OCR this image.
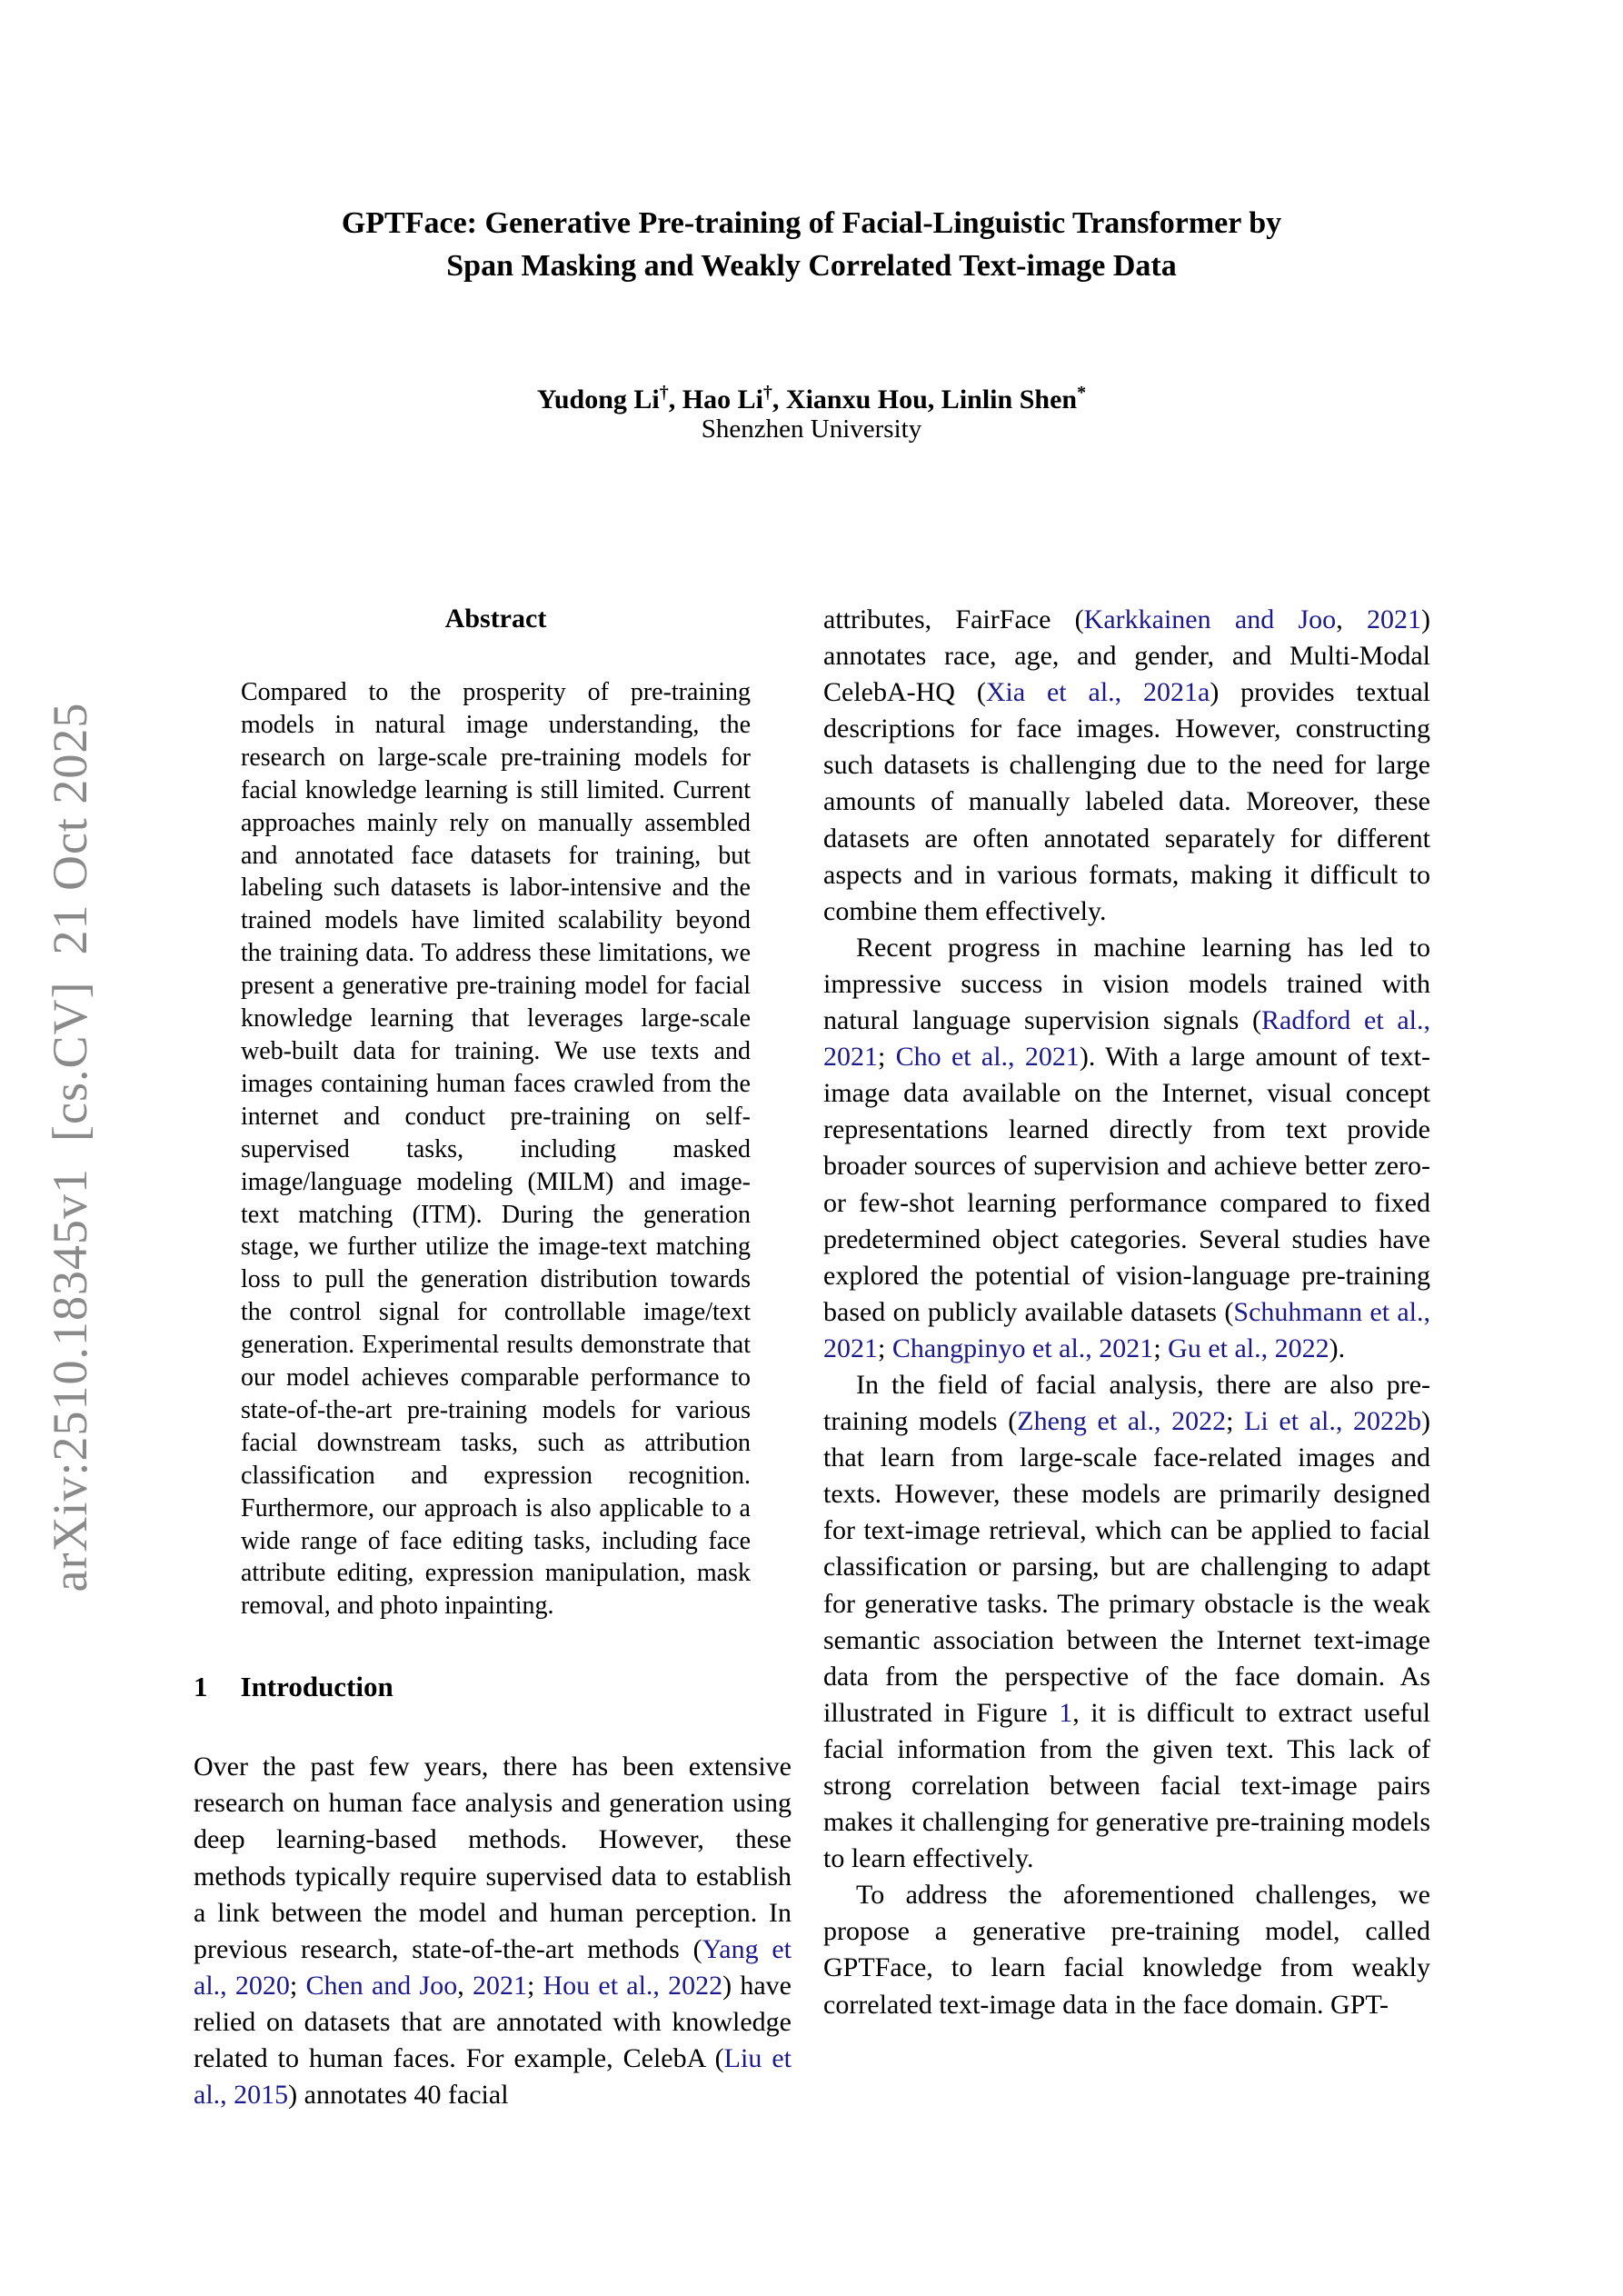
arXiv:2510.18345v1  [cs.CV]  21 Oct 2025
GPTFace: Generative Pre-training of Facial-Linguistic Transformer by
Span Masking and Weakly Correlated Text-image Data
Yudong Li†, Hao Li†, Xianxu Hou, Linlin Shen*
Shenzhen University
Abstract
Compared to the prosperity of pre-training models in natural image understanding, the research on large-scale pre-training models for facial knowledge learning is still limited. Current approaches mainly rely on manually assembled and annotated face datasets for training, but labeling such datasets is labor-intensive and the trained models have limited scalability beyond the training data. To address these limitations, we present a generative pre-training model for facial knowledge learning that leverages large-scale web-built data for training. We use texts and images containing human faces crawled from the internet and conduct pre-training on self-supervised tasks, including masked image/language modeling (MILM) and image-text matching (ITM). During the generation stage, we further utilize the image-text matching loss to pull the generation distribution towards the control signal for controllable image/text generation. Experimental results demonstrate that our model achieves comparable performance to state-of-the-art pre-training models for various facial downstream tasks, such as attribution classification and expression recognition. Furthermore, our approach is also applicable to a wide range of face editing tasks, including face attribute editing, expression manipulation, mask removal, and photo inpainting.
1 Introduction

Over the past few years, there has been extensive research on human face analysis and generation using deep learning-based methods. However, these methods typically require supervised data to establish a link between the model and human perception. In previous research, state-of-the-art methods (Yang et al., 2020; Chen and Joo, 2021; Hou et al., 2022) have relied on datasets that are annotated with knowledge related to human faces. For example, CelebA (Liu et al., 2015) annotates 40 facial

attributes, FairFace (Karkkainen and Joo, 2021) annotates race, age, and gender, and Multi-Modal CelebA-HQ (Xia et al., 2021a) provides textual descriptions for face images. However, constructing such datasets is challenging due to the need for large amounts of manually labeled data. Moreover, these datasets are often annotated separately for different aspects and in various formats, making it difficult to combine them effectively.

Recent progress in machine learning has led to impressive success in vision models trained with natural language supervision signals (Radford et al., 2021; Cho et al., 2021). With a large amount of text-image data available on the Internet, visual concept representations learned directly from text provide broader sources of supervision and achieve better zero- or few-shot learning performance compared to fixed predetermined object categories. Several studies have explored the potential of vision-language pre-training based on publicly available datasets (Schuhmann et al., 2021; Changpinyo et al., 2021; Gu et al., 2022).

In the field of facial analysis, there are also pre-training models (Zheng et al., 2022; Li et al., 2022b) that learn from large-scale face-related images and texts. However, these models are primarily designed for text-image retrieval, which can be applied to facial classification or parsing, but are challenging to adapt for generative tasks. The primary obstacle is the weak semantic association between the Internet text-image data from the perspective of the face domain. As illustrated in Figure 1, it is difficult to extract useful facial information from the given text. This lack of strong correlation between facial text-image pairs makes it challenging for generative pre-training models to learn effectively.

To address the aforementioned challenges, we propose a generative pre-training model, called GPTFace, to learn facial knowledge from weakly correlated text-image data in the face domain. GPT-
